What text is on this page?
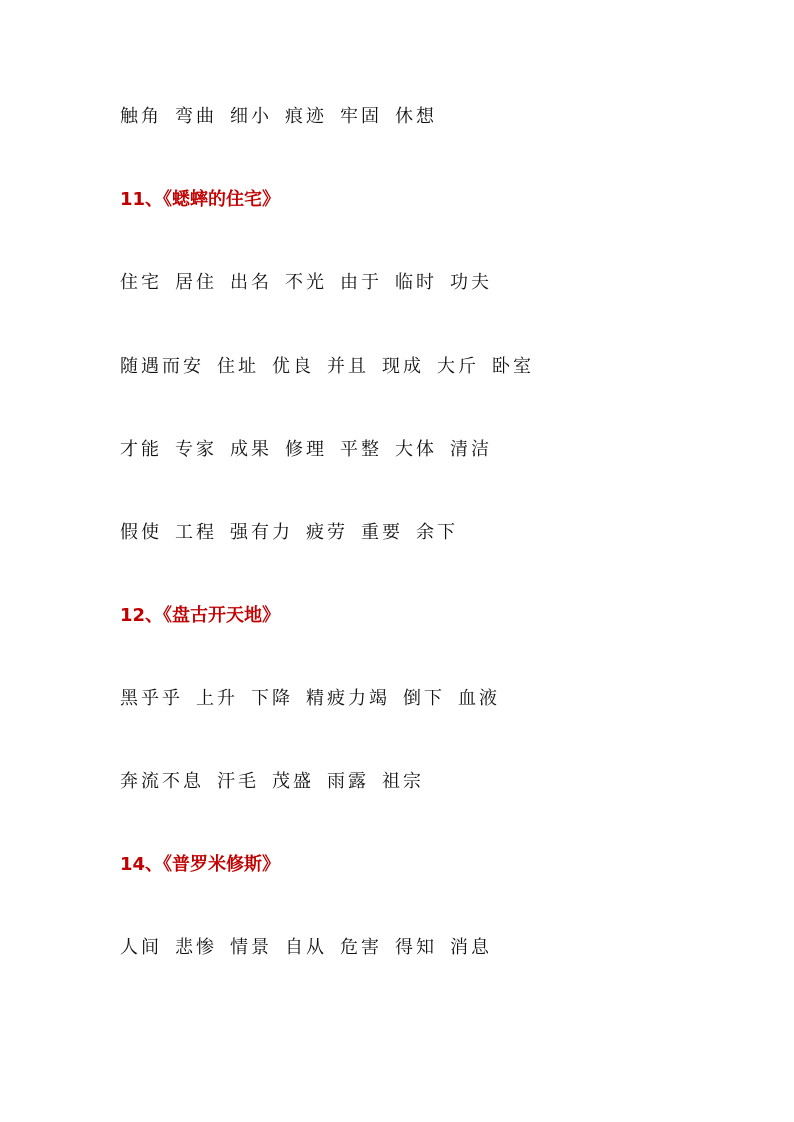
触角 弯曲 细小 痕迹 牢固 休想
11、《蟋蟀的住宅》
住宅 居住 出名 不光 由于 临时 功夫
随遇而安 住址 优良 并且 现成 大斤 卧室
才能 专家 成果 修理 平整 大体 清洁
假使 工程 强有力 疲劳 重要 余下
12、《盘古开天地》
黑乎乎 上升 下降 精疲力竭 倒下 血液
奔流不息 汗毛 茂盛 雨露 祖宗
14、《普罗米修斯》
人间 悲惨 情景 自从 危害 得知 消息
